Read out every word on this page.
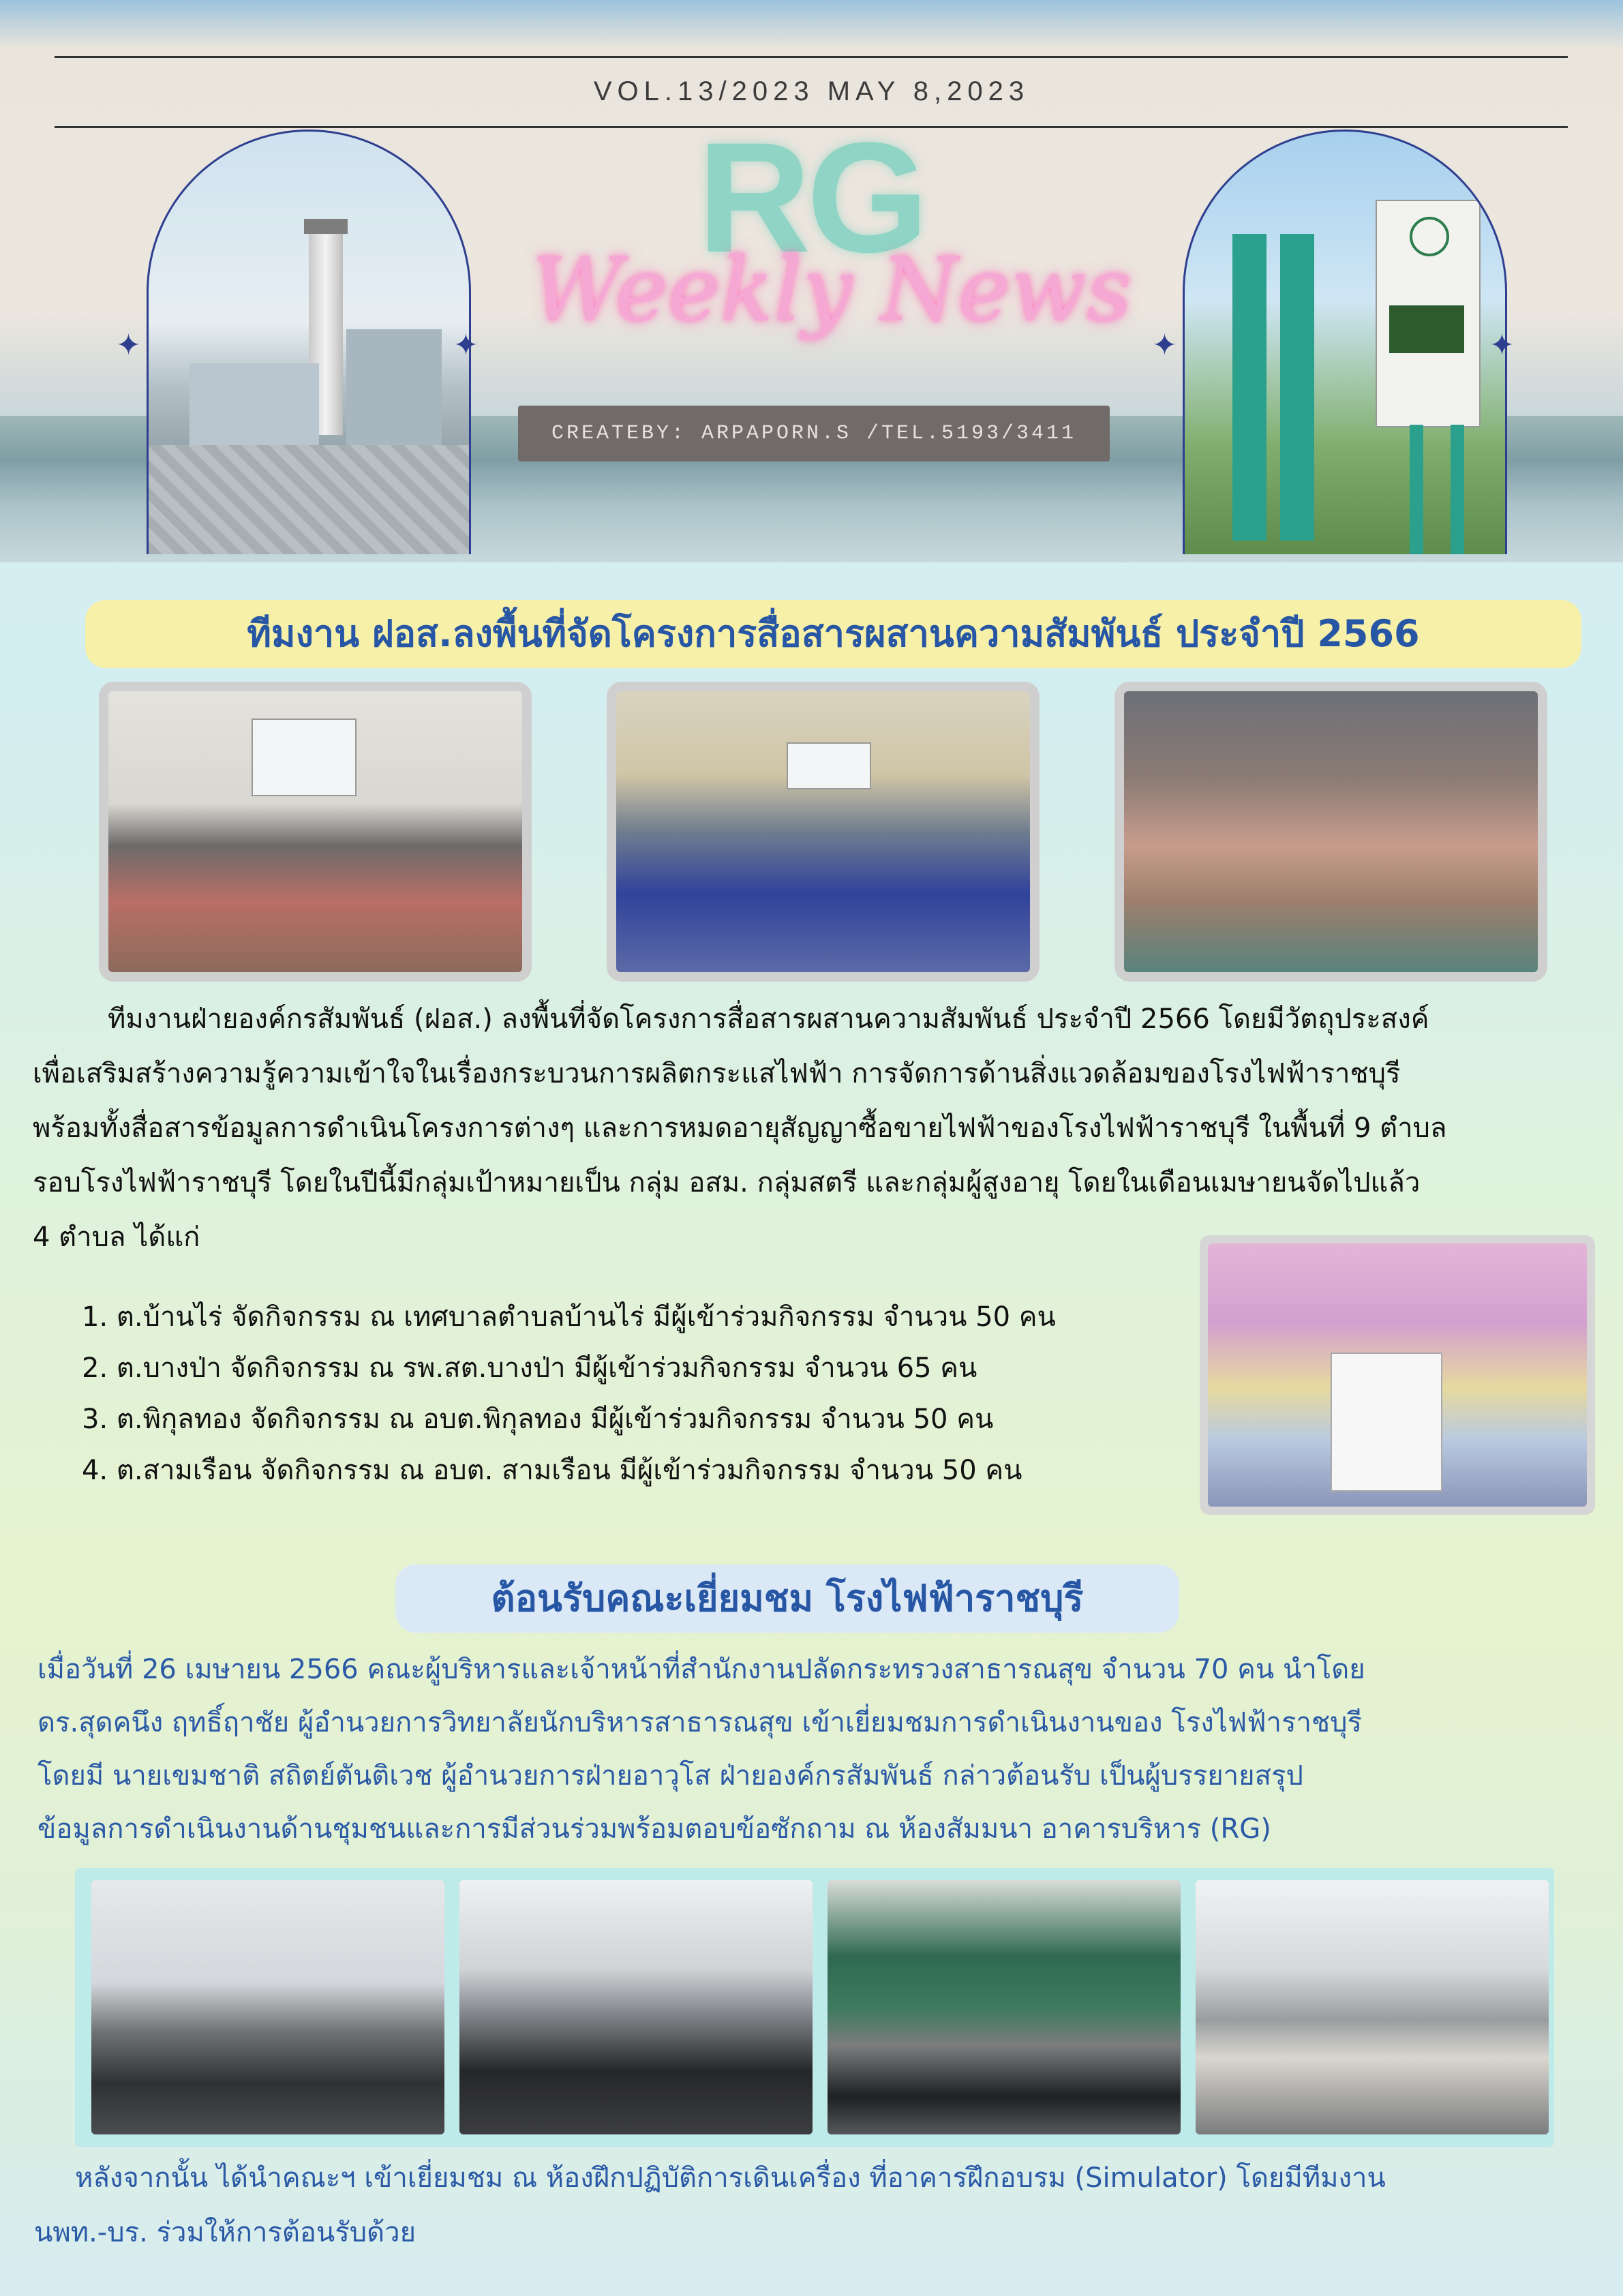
VOL.13/2023 MAY 8,2023
✦	✦	✦	✦
RG
Weekly News
CREATEBY: ARPAPORN.S /TEL.5193/3411
ทีมงาน ฝอส.ลงพื้นที่จัดโครงการสื่อสารผสานความสัมพันธ์ ประจำปี 2566
ทีมงานฝ่ายองค์กรสัมพันธ์ (ฝอส.) ลงพื้นที่จัดโครงการสื่อสารผสานความสัมพันธ์ ประจำปี 2566 โดยมีวัตถุประสงค์
เพื่อเสริมสร้างความรู้ความเข้าใจในเรื่องกระบวนการผลิตกระแสไฟฟ้า การจัดการด้านสิ่งแวดล้อมของโรงไฟฟ้าราชบุรี
พร้อมทั้งสื่อสารข้อมูลการดำเนินโครงการต่างๆ และการหมดอายุสัญญาซื้อขายไฟฟ้าของโรงไฟฟ้าราชบุรี ในพื้นที่ 9 ตำบล
รอบโรงไฟฟ้าราชบุรี โดยในปีนี้มีกลุ่มเป้าหมายเป็น กลุ่ม อสม. กลุ่มสตรี และกลุ่มผู้สูงอายุ โดยในเดือนเมษายนจัดไปแล้ว
4 ตำบล ได้แก่
1. ต.บ้านไร่ จัดกิจกรรม ณ เทศบาลตำบลบ้านไร่ มีผู้เข้าร่วมกิจกรรม จำนวน 50 คน
2. ต.บางป่า จัดกิจกรรม ณ รพ.สต.บางป่า มีผู้เข้าร่วมกิจกรรม จำนวน 65 คน
3. ต.พิกุลทอง จัดกิจกรรม ณ อบต.พิกุลทอง มีผู้เข้าร่วมกิจกรรม จำนวน 50 คน
4. ต.สามเรือน จัดกิจกรรม ณ อบต. สามเรือน มีผู้เข้าร่วมกิจกรรม จำนวน 50 คน
ต้อนรับคณะเยี่ยมชม โรงไฟฟ้าราชบุรี
เมื่อวันที่ 26 เมษายน 2566 คณะผู้บริหารและเจ้าหน้าที่สำนักงานปลัดกระทรวงสาธารณสุข จำนวน 70 คน นำโดย
ดร.สุดคนึง ฤทธิ์ฤาชัย ผู้อำนวยการวิทยาลัยนักบริหารสาธารณสุข เข้าเยี่ยมชมการดำเนินงานของ โรงไฟฟ้าราชบุรี
โดยมี นายเขมชาติ สถิตย์ตันติเวช ผู้อำนวยการฝ่ายอาวุโส ฝ่ายองค์กรสัมพันธ์ กล่าวต้อนรับ เป็นผู้บรรยายสรุป
ข้อมูลการดำเนินงานด้านชุมชนและการมีส่วนร่วมพร้อมตอบข้อซักถาม ณ ห้องสัมมนา อาคารบริหาร (RG)
หลังจากนั้น ได้นำคณะฯ เข้าเยี่ยมชม ณ ห้องฝึกปฏิบัติการเดินเครื่อง ที่อาคารฝึกอบรม (Simulator) โดยมีทีมงาน
นพท.-บร. ร่วมให้การต้อนรับด้วย
